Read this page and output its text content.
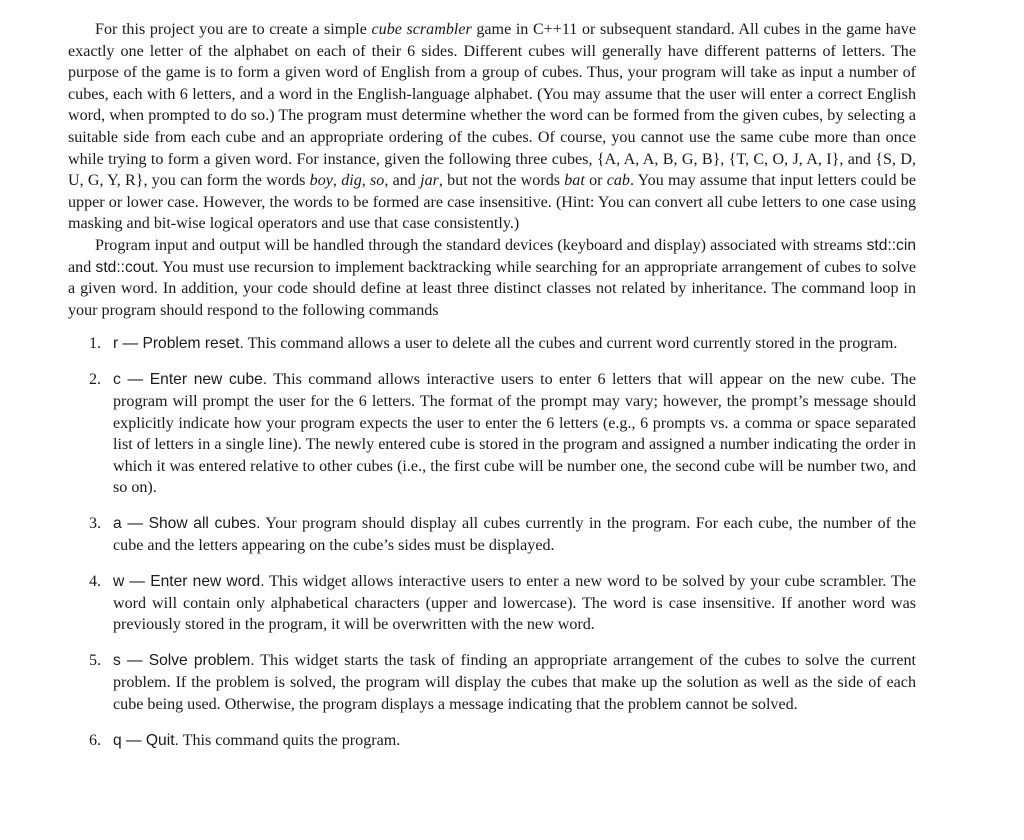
For this project you are to create a simple cube scrambler game in C++11 or subsequent standard. All cubes in the game have exactly one letter of the alphabet on each of their 6 sides. Different cubes will generally have different patterns of letters. The purpose of the game is to form a given word of English from a group of cubes. Thus, your program will take as input a number of cubes, each with 6 letters, and a word in the English-language alphabet. (You may assume that the user will enter a correct English word, when prompted to do so.) The program must determine whether the word can be formed from the given cubes, by selecting a suitable side from each cube and an appropriate ordering of the cubes. Of course, you cannot use the same cube more than once while trying to form a given word. For instance, given the following three cubes, {A, A, A, B, G, B}, {T, C, O, J, A, I}, and {S, D, U, G, Y, R}, you can form the words boy, dig, so, and jar, but not the words bat or cab. You may assume that input letters could be upper or lower case. However, the words to be formed are case insensitive. (Hint: You can convert all cube letters to one case using masking and bit-wise logical operators and use that case consistently.)

Program input and output will be handled through the standard devices (keyboard and display) associated with streams std::cin and std::cout. You must use recursion to implement backtracking while searching for an appropriate arrangement of cubes to solve a given word. In addition, your code should define at least three distinct classes not related by inheritance. The command loop in your program should respond to the following commands

1. r — Problem reset. This command allows a user to delete all the cubes and current word currently stored in the program.
2. c — Enter new cube. This command allows interactive users to enter 6 letters that will appear on the new cube. The program will prompt the user for the 6 letters. The format of the prompt may vary; however, the prompt’s message should explicitly indicate how your program expects the user to enter the 6 letters (e.g., 6 prompts vs. a comma or space separated list of letters in a single line). The newly entered cube is stored in the program and assigned a number indicating the order in which it was entered relative to other cubes (i.e., the first cube will be number one, the second cube will be number two, and so on).
3. a — Show all cubes. Your program should display all cubes currently in the program. For each cube, the number of the cube and the letters appearing on the cube’s sides must be displayed.
4. w — Enter new word. This widget allows interactive users to enter a new word to be solved by your cube scrambler. The word will contain only alphabetical characters (upper and lowercase). The word is case insensitive. If another word was previously stored in the program, it will be overwritten with the new word.
5. s — Solve problem. This widget starts the task of finding an appropriate arrangement of the cubes to solve the current problem. If the problem is solved, the program will display the cubes that make up the solution as well as the side of each cube being used. Otherwise, the program displays a message indicating that the problem cannot be solved.
6. q — Quit. This command quits the program.
